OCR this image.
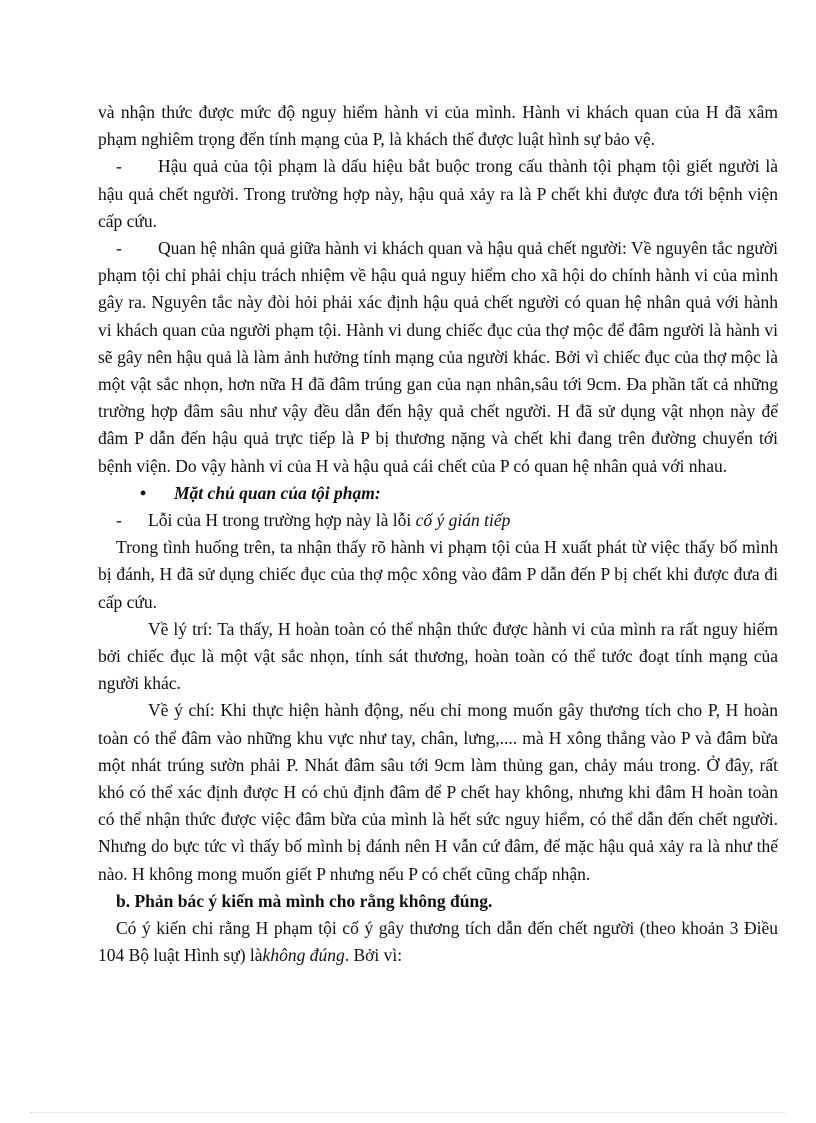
và nhận thức được mức độ nguy hiểm hành vi của mình. Hành vi khách quan của H đã xâm phạm nghiêm trọng đến tính mạng của P, là khách thể được luật hình sự bảo vệ.

- Hậu quả của tội phạm là dấu hiệu bắt buộc trong cấu thành tội phạm tội giết người là hậu quả chết người. Trong trường hợp này, hậu quả xảy ra là P chết khi được đưa tới bệnh viện cấp cứu.

- Quan hệ nhân quả giữa hành vi khách quan và hậu quả chết người: Về nguyên tắc người phạm tội chỉ phải chịu trách nhiệm về hậu quả nguy hiểm cho xã hội do chính hành vi của mình gây ra. Nguyên tắc này đòi hỏi phải xác định hậu quả chết người có quan hệ nhân quả với hành vi khách quan của người phạm tội. Hành vi dung chiếc đục của thợ mộc để đâm người là hành vi sẽ gây nên hậu quả là làm ảnh hưởng tính mạng của người khác. Bởi vì chiếc đục của thợ mộc là một vật sắc nhọn, hơn nữa H đã đâm trúng gan của nạn nhân,sâu tới 9cm. Đa phần tất cả những trường hợp đâm sâu như vậy đều dẫn đến hậy quả chết người. H đã sử dụng vật nhọn này để đâm P dẫn đến hậu quả trực tiếp là P bị thương nặng và chết khi đang trên đường chuyển tới bệnh viện. Do vậy hành vi của H và hậu quả cái chết của P có quan hệ nhân quả với nhau.

• Mặt chủ quan của tội phạm:

- Lỗi của H trong trường hợp này là lỗi cố ý gián tiếp

Trong tình huống trên, ta nhận thấy rõ hành vi phạm tội của H xuất phát từ việc thấy bố mình bị đánh, H đã sử dụng chiếc đục của thợ mộc xông vào đâm P dẫn đến P bị chết khi được đưa đi cấp cứu.

Về lý trí: Ta thấy, H hoàn toàn có thể nhận thức được hành vi của mình ra rất nguy hiểm bởi chiếc đục là một vật sắc nhọn, tính sát thương, hoàn toàn có thể tước đoạt tính mạng của người khác.

Về ý chí: Khi thực hiện hành động, nếu chỉ mong muốn gây thương tích cho P, H hoàn toàn có thể đâm vào những khu vực như tay, chân, lưng,.... mà H xông thẳng vào P và đâm bừa một nhát trúng sườn phải P. Nhát đâm sâu tới 9cm làm thủng gan, chảy máu trong. Ở đây, rất khó có thể xác định được H có chủ định đâm để P chết hay không, nhưng khi đâm H hoàn toàn có thể nhận thức được việc đâm bừa của mình là hết sức nguy hiểm, có thể dẫn đến chết người. Nhưng do bực tức vì thấy bố mình bị đánh nên H vẫn cứ đâm, để mặc hậu quả xảy ra là như thế nào. H không mong muốn giết P nhưng nếu P có chết cũng chấp nhận.

b. Phản bác ý kiến mà mình cho rằng không đúng.

Có ý kiến chi rằng H phạm tội cố ý gây thương tích dẫn đến chết người (theo khoản 3 Điều 104 Bộ luật Hình sự) làkhông đúng. Bởi vì:
